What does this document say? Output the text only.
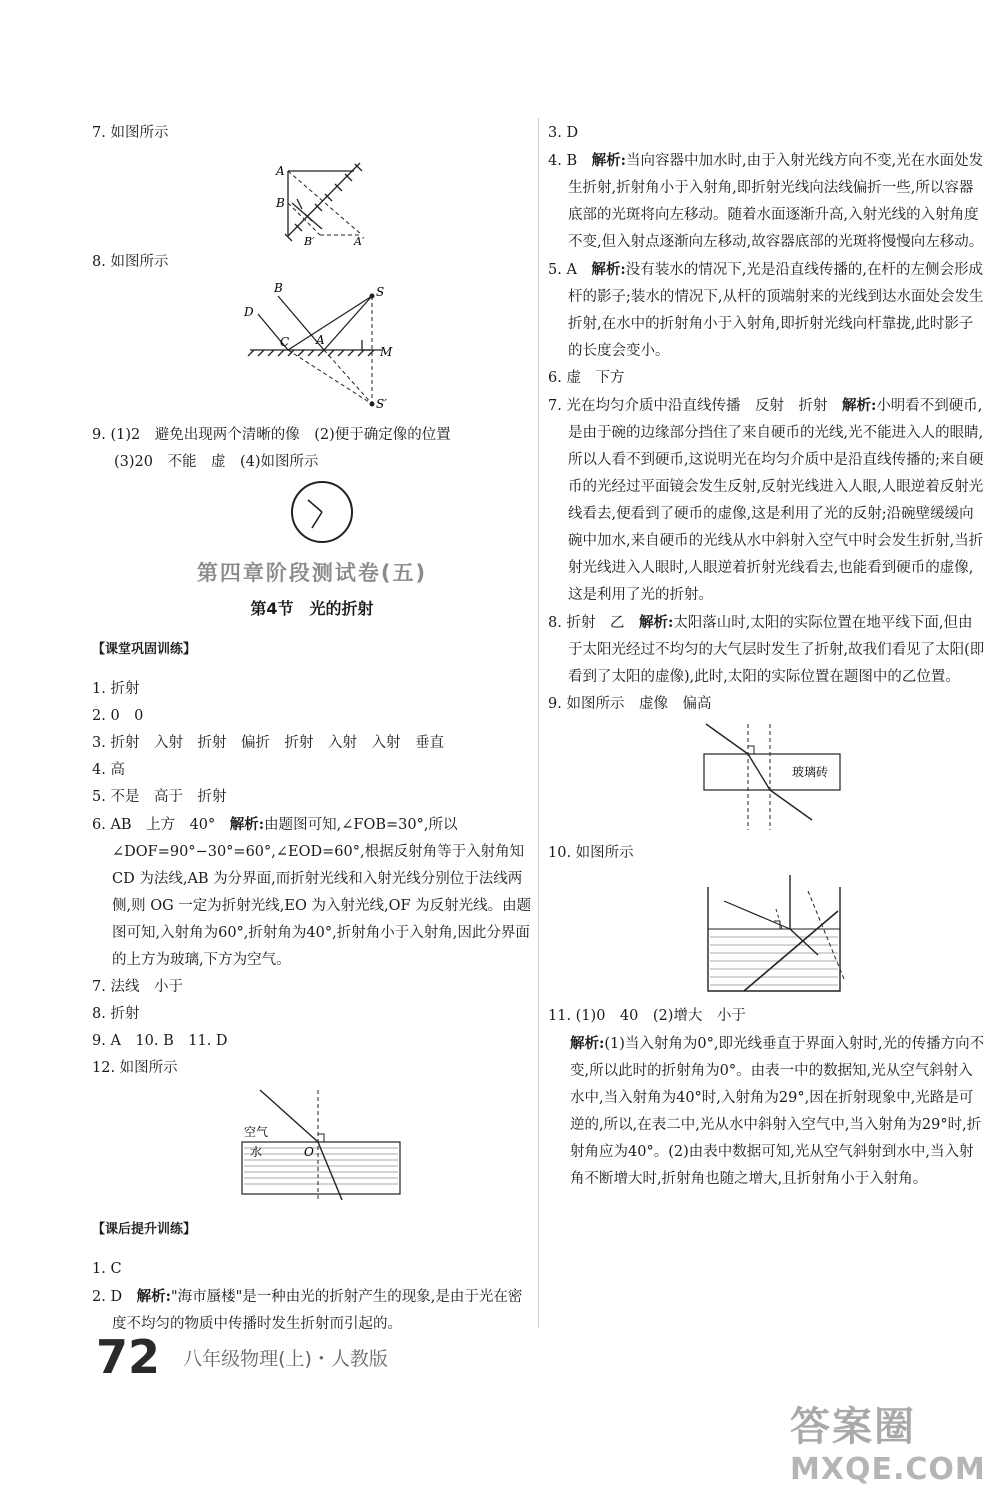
7. 如图所示

A
B
B′	A′

8. 如图所示

B	S
D
C A
M
S′

9. (1)2　避免出现两个清晰的像　(2)便于确定像的位置

(3)20　不能　虚　(4)如图所示

第四章阶段测试卷(五)
第4节　光的折射

【课堂巩固训练】

1. 折射

2. 0　0

3. 折射　入射　折射　偏折　折射　入射　入射　垂直

4. 高

5. 不是　高于　折射

6. AB　上方　40°　解析:由题图可知,∠FOB=30°,所以∠DOF=90°−30°=60°,∠EOD=60°,根据反射角等于入射角知 CD 为法线,AB 为分界面,而折射光线和入射光线分别位于法线两侧,则 OG 一定为折射光线,EO 为入射光线,OF 为反射光线。由题图可知,入射角为60°,折射角为40°,折射角小于入射角,因此分界面的上方为玻璃,下方为空气。

7. 法线　小于

8. 折射

9. A　10. B　11. D

12. 如图所示

空气
水	O

【课后提升训练】

1. C

2. D　解析:"海市蜃楼"是一种由光的折射产生的现象,是由于光在密度不均匀的物质中传播时发生折射而引起的。

3. D

4. B　解析:当向容器中加水时,由于入射光线方向不变,光在水面处发生折射,折射角小于入射角,即折射光线向法线偏折一些,所以容器底部的光斑将向左移动。随着水面逐渐升高,入射光线的入射角度不变,但入射点逐渐向左移动,故容器底部的光斑将慢慢向左移动。

5. A　解析:没有装水的情况下,光是沿直线传播的,在杆的左侧会形成杆的影子;装水的情况下,从杆的顶端射来的光线到达水面处会发生折射,在水中的折射角小于入射角,即折射光线向杆靠拢,此时影子的长度会变小。

6. 虚　下方

7. 光在均匀介质中沿直线传播　反射　折射　解析:小明看不到硬币,是由于碗的边缘部分挡住了来自硬币的光线,光不能进入人的眼睛,所以人看不到硬币,这说明光在均匀介质中是沿直线传播的;来自硬币的光经过平面镜会发生反射,反射光线进入人眼,人眼逆着反射光线看去,便看到了硬币的虚像,这是利用了光的反射;沿碗壁缓缓向碗中加水,来自硬币的光线从水中斜射入空气中时会发生折射,当折射光线进入人眼时,人眼逆着折射光线看去,也能看到硬币的虚像,这是利用了光的折射。

8. 折射　乙　解析:太阳落山时,太阳的实际位置在地平线下面,但由于太阳光经过不均匀的大气层时发生了折射,故我们看见了太阳(即看到了太阳的虚像),此时,太阳的实际位置在题图中的乙位置。

9. 如图所示　虚像　偏高

玻璃砖

10. 如图所示

11. (1)0　40　(2)增大　小于

解析:(1)当入射角为0°,即光线垂直于界面入射时,光的传播方向不变,所以此时的折射角为0°。由表一中的数据知,光从空气斜射入水中,当入射角为40°时,入射角为29°,因在折射现象中,光路是可逆的,所以,在表二中,光从水中斜射入空气中,当入射角为29°时,折射角应为40°。(2)由表中数据可知,光从空气斜射到水中,当入射角不断增大时,折射角也随之增大,且折射角小于入射角。

72 八年级物理(上)・人教版
答案圈
MXQE.COM
